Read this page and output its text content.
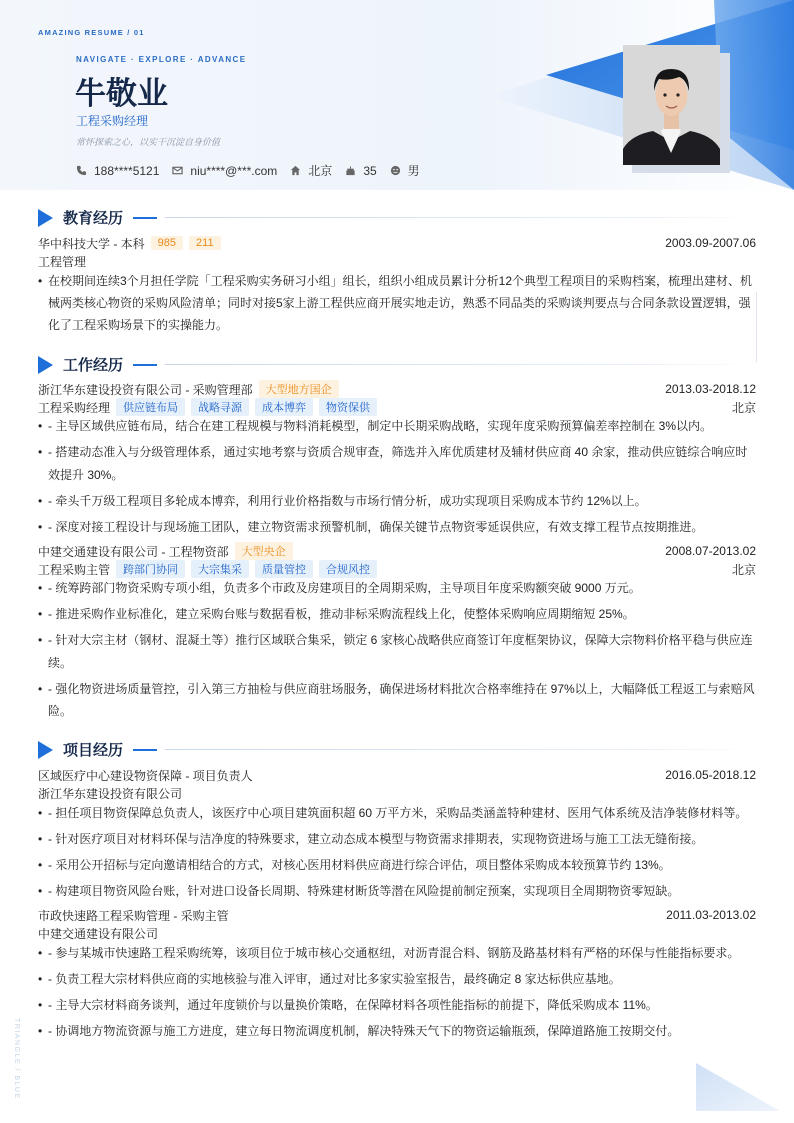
AMAZING RESUME / 01
NAVIGATE · EXPLORE · ADVANCE
牛敬业
工程采购经理
常怀探索之心，以实干沉淀自身价值
188****5121	niu****@***.com	北京	35	男
教育经历
华中科技大学 - 本科	985	211	2003.09-2007.06
工程管理
• 在校期间连续3个月担任学院「工程采购实务研习小组」组长，组织小组成员累计分析12个典型工程项目的采购档案，梳理出建材、机械两类核心物资的采购风险清单；同时对接5家上游工程供应商开展实地走访，熟悉不同品类的采购谈判要点与合同条款设置逻辑，强化了工程采购场景下的实操能力。
工作经历
浙江华东建设投资有限公司 - 采购管理部	大型地方国企	2013.03-2018.12
工程采购经理	供应链布局	战略寻源	成本博弈	物资保供	北京
• - 主导区域供应链布局，结合在建工程规模与物料消耗模型，制定中长期采购战略，实现年度采购预算偏差率控制在 3%以内。
• - 搭建动态准入与分级管理体系，通过实地考察与资质合规审查，筛选并入库优质建材及辅材供应商 40 余家，推动供应链综合响应时效提升 30%。
• - 牵头千万级工程项目多轮成本博弈，利用行业价格指数与市场行情分析，成功实现项目采购成本节约 12%以上。
• - 深度对接工程设计与现场施工团队，建立物资需求预警机制，确保关键节点物资零延误供应，有效支撑工程节点按期推进。
中建交通建设有限公司 - 工程物资部	大型央企	2008.07-2013.02
工程采购主管	跨部门协同	大宗集采	质量管控	合规风控	北京
• - 统筹跨部门物资采购专项小组，负责多个市政及房建项目的全周期采购，主导项目年度采购额突破 9000 万元。
• - 推进采购作业标准化，建立采购台账与数据看板，推动非标采购流程线上化，使整体采购响应周期缩短 25%。
• - 针对大宗主材（钢材、混凝土等）推行区域联合集采，锁定 6 家核心战略供应商签订年度框架协议，保障大宗物料价格平稳与供应连续。
• - 强化物资进场质量管控，引入第三方抽检与供应商驻场服务，确保进场材料批次合格率维持在 97%以上，大幅降低工程返工与索赔风险。
项目经历
区域医疗中心建设物资保障 - 项目负责人	2016.05-2018.12
浙江华东建设投资有限公司
• - 担任项目物资保障总负责人，该医疗中心项目建筑面积超 60 万平方米，采购品类涵盖特种建材、医用气体系统及洁净装修材料等。
• - 针对医疗项目对材料环保与洁净度的特殊要求，建立动态成本模型与物资需求排期表，实现物资进场与施工工法无缝衔接。
• - 采用公开招标与定向邀请相结合的方式，对核心医用材料供应商进行综合评估，项目整体采购成本较预算节约 13%。
• - 构建项目物资风险台账，针对进口设备长周期、特殊建材断货等潜在风险提前制定预案，实现项目全周期物资零短缺。
市政快速路工程采购管理 - 采购主管	2011.03-2013.02
中建交通建设有限公司
• - 参与某城市快速路工程采购统筹，该项目位于城市核心交通枢纽，对沥青混合料、钢筋及路基材料有严格的环保与性能指标要求。
• - 负责工程大宗材料供应商的实地核验与准入评审，通过对比多家实验室报告，最终确定 8 家达标供应基地。
• - 主导大宗材料商务谈判，通过年度锁价与以量换价策略，在保障材料各项性能指标的前提下，降低采购成本 11%。
• - 协调地方物流资源与施工方进度，建立每日物流调度机制，解决特殊天气下的物资运输瓶颈，保障道路施工按期交付。
TRIANGLE / BLUE
